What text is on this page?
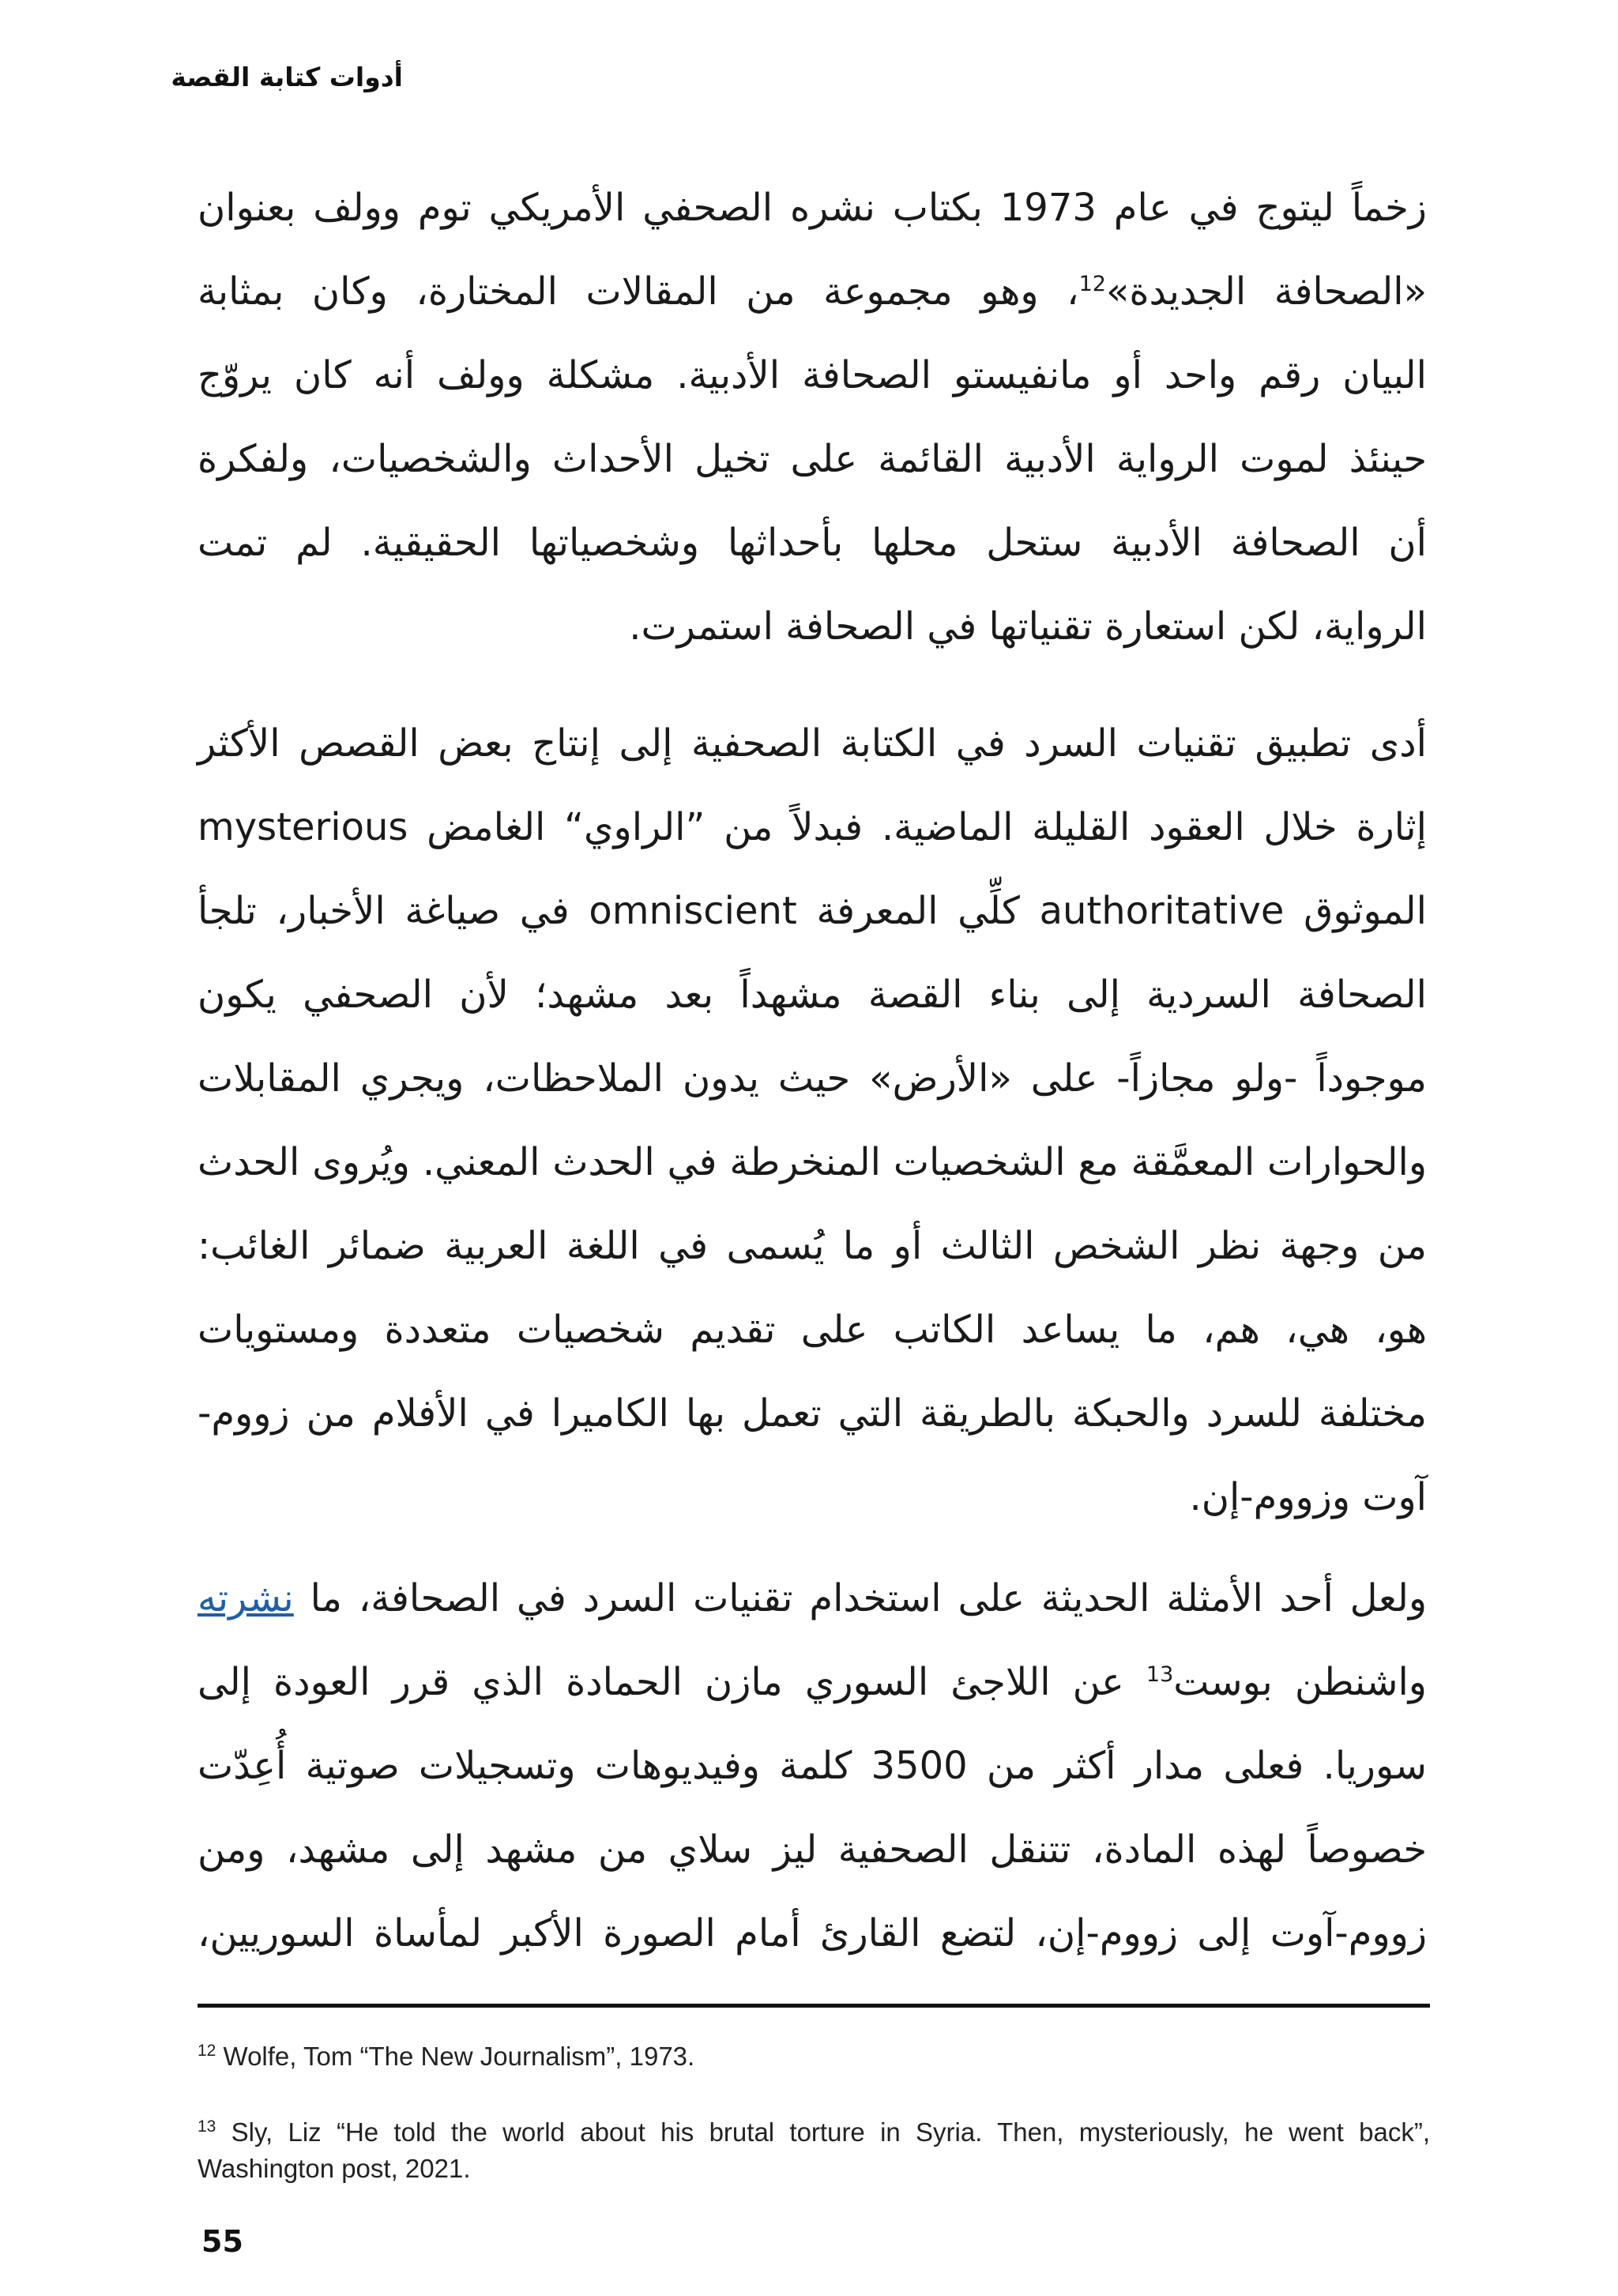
أدوات كتابة القصة
زخماً ليتوج في عام 1973 بكتاب نشره الصحفي الأمريكي توم وولف بعنوان
«الصحافة الجديدة»$^{12}$، وهو مجموعة من المقالات المختارة، وكان بمثابة
البيان رقم واحد أو مانفيستو الصحافة الأدبية. مشكلة وولف أنه كان يروّج
حينئذ لموت الرواية الأدبية القائمة على تخيل الأحداث والشخصيات، ولفكرة
أن الصحافة الأدبية ستحل محلها بأحداثها وشخصياتها الحقيقية. لم تمت
الرواية، لكن استعارة تقنياتها في الصحافة استمرت.
أدى تطبيق تقنيات السرد في الكتابة الصحفية إلى إنتاج بعض القصص الأكثر
إثارة خلال العقود القليلة الماضية. فبدلاً من ”الراوي“ الغامض mysterious
الموثوق authoritative كلِّي المعرفة omniscient في صياغة الأخبار، تلجأ
الصحافة السردية إلى بناء القصة مشهداً بعد مشهد؛ لأن الصحفي يكون
موجوداً -ولو مجازاً- على «الأرض» حيث يدون الملاحظات، ويجري المقابلات
والحوارات المعمَّقة مع الشخصيات المنخرطة في الحدث المعني. ويُروى الحدث
من وجهة نظر الشخص الثالث أو ما يُسمى في اللغة العربية ضمائر الغائب:
هو، هي، هم، ما يساعد الكاتب على تقديم شخصيات متعددة ومستويات
مختلفة للسرد والحبكة بالطريقة التي تعمل بها الكاميرا في الأفلام من زووم-
آوت وزووم-إن.
ولعل أحد الأمثلة الحديثة على استخدام تقنيات السرد في الصحافة، ما نشرته
واشنطن بوست$^{13}$ عن اللاجئ السوري مازن الحمادة الذي قرر العودة إلى
سوريا. فعلى مدار أكثر من 3500 كلمة وفيديوهات وتسجيلات صوتية أُعِدّت
خصوصاً لهذه المادة، تتنقل الصحفية ليز سلاي من مشهد إلى مشهد، ومن
زووم-آوت إلى زووم-إن، لتضع القارئ أمام الصورة الأكبر لمأساة السوريين،
$^{12}$ Wolfe, Tom “The New Journalism”, 1973.
$^{13}$ Sly, Liz “He told the world about his brutal torture in Syria. Then, mysteriously, he went back”, Washington post, 2021.
55
